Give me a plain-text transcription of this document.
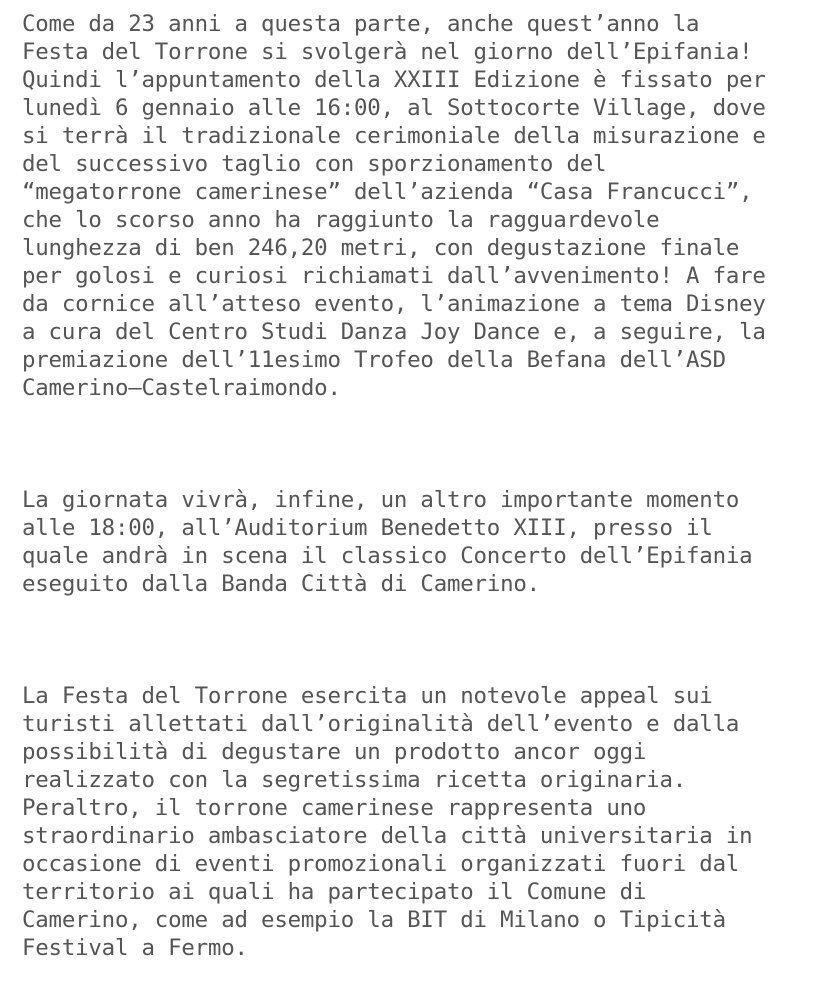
Come da 23 anni a questa parte, anche quest’anno la
Festa del Torrone si svolgerà nel giorno dell’Epifania!
Quindi l’appuntamento della XXIII Edizione è fissato per
lunedì 6 gennaio alle 16:00, al Sottocorte Village, dove
si terrà il tradizionale cerimoniale della misurazione e
del successivo taglio con sporzionamento del
“megatorrone camerinese” dell’azienda “Casa Francucci”,
che lo scorso anno ha raggiunto la ragguardevole
lunghezza di ben 246,20 metri, con degustazione finale
per golosi e curiosi richiamati dall’avvenimento! A fare
da cornice all’atteso evento, l’animazione a tema Disney
a cura del Centro Studi Danza Joy Dance e, a seguire, la
premiazione dell’11esimo Trofeo della Befana dell’ASD
Camerino–Castelraimondo.

La giornata vivrà, infine, un altro importante momento
alle 18:00, all’Auditorium Benedetto XIII, presso il
quale andrà in scena il classico Concerto dell’Epifania
eseguito dalla Banda Città di Camerino.

La Festa del Torrone esercita un notevole appeal sui
turisti allettati dall’originalità dell’evento e dalla
possibilità di degustare un prodotto ancor oggi
realizzato con la segretissima ricetta originaria.
Peraltro, il torrone camerinese rappresenta uno
straordinario ambasciatore della città universitaria in
occasione di eventi promozionali organizzati fuori dal
territorio ai quali ha partecipato il Comune di
Camerino, come ad esempio la BIT di Milano o Tipicità
Festival a Fermo.
